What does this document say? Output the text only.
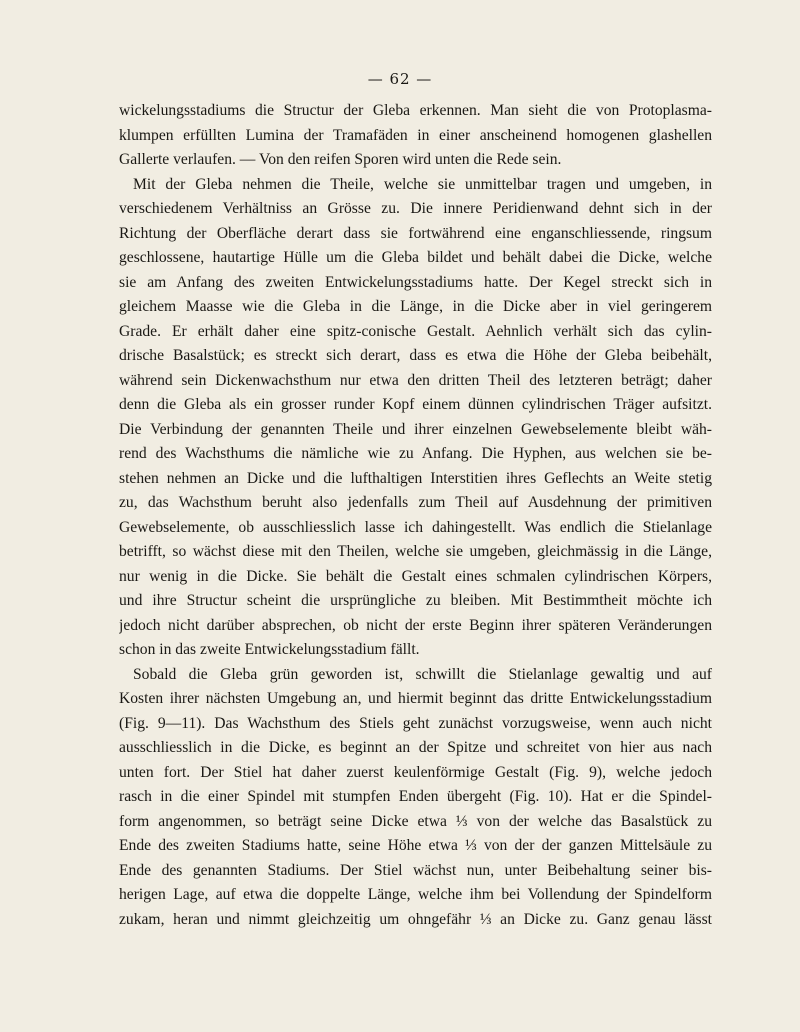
— 62 —
wickelungsstadiums die Structur der Gleba erkennen. Man sieht die von Protoplasma-
klumpen erfüllten Lumina der Tramafäden in einer anscheinend homogenen glashellen
Gallerte verlaufen. — Von den reifen Sporen wird unten die Rede sein.
Mit der Gleba nehmen die Theile, welche sie unmittelbar tragen und umgeben, in
verschiedenem Verhältniss an Grösse zu. Die innere Peridienwand dehnt sich in der
Richtung der Oberfläche derart dass sie fortwährend eine enganschliessende, ringsum
geschlossene, hautartige Hülle um die Gleba bildet und behält dabei die Dicke, welche
sie am Anfang des zweiten Entwickelungsstadiums hatte. Der Kegel streckt sich in
gleichem Maasse wie die Gleba in die Länge, in die Dicke aber in viel geringerem
Grade. Er erhält daher eine spitz-conische Gestalt. Aehnlich verhält sich das cylin-
drische Basalstück; es streckt sich derart, dass es etwa die Höhe der Gleba beibehält,
während sein Dickenwachsthum nur etwa den dritten Theil des letzteren beträgt; daher
denn die Gleba als ein grosser runder Kopf einem dünnen cylindrischen Träger aufsitzt.
Die Verbindung der genannten Theile und ihrer einzelnen Gewebselemente bleibt wäh-
rend des Wachsthums die nämliche wie zu Anfang. Die Hyphen, aus welchen sie be-
stehen nehmen an Dicke und die lufthaltigen Interstitien ihres Geflechts an Weite stetig
zu, das Wachsthum beruht also jedenfalls zum Theil auf Ausdehnung der primitiven
Gewebselemente, ob ausschliesslich lasse ich dahingestellt. Was endlich die Stielanlage
betrifft, so wächst diese mit den Theilen, welche sie umgeben, gleichmässig in die Länge,
nur wenig in die Dicke. Sie behält die Gestalt eines schmalen cylindrischen Körpers,
und ihre Structur scheint die ursprüngliche zu bleiben. Mit Bestimmtheit möchte ich
jedoch nicht darüber absprechen, ob nicht der erste Beginn ihrer späteren Veränderungen
schon in das zweite Entwickelungsstadium fällt.
Sobald die Gleba grün geworden ist, schwillt die Stielanlage gewaltig und auf
Kosten ihrer nächsten Umgebung an, und hiermit beginnt das dritte Entwickelungsstadium
(Fig. 9—11). Das Wachsthum des Stiels geht zunächst vorzugsweise, wenn auch nicht
ausschliesslich in die Dicke, es beginnt an der Spitze und schreitet von hier aus nach
unten fort. Der Stiel hat daher zuerst keulenförmige Gestalt (Fig. 9), welche jedoch
rasch in die einer Spindel mit stumpfen Enden übergeht (Fig. 10). Hat er die Spindel-
form angenommen, so beträgt seine Dicke etwa ⅓ von der welche das Basalstück zu
Ende des zweiten Stadiums hatte, seine Höhe etwa ⅓ von der der ganzen Mittelsäule zu
Ende des genannten Stadiums. Der Stiel wächst nun, unter Beibehaltung seiner bis-
herigen Lage, auf etwa die doppelte Länge, welche ihm bei Vollendung der Spindelform
zukam, heran und nimmt gleichzeitig um ohngefähr ⅓ an Dicke zu. Ganz genau lässt
